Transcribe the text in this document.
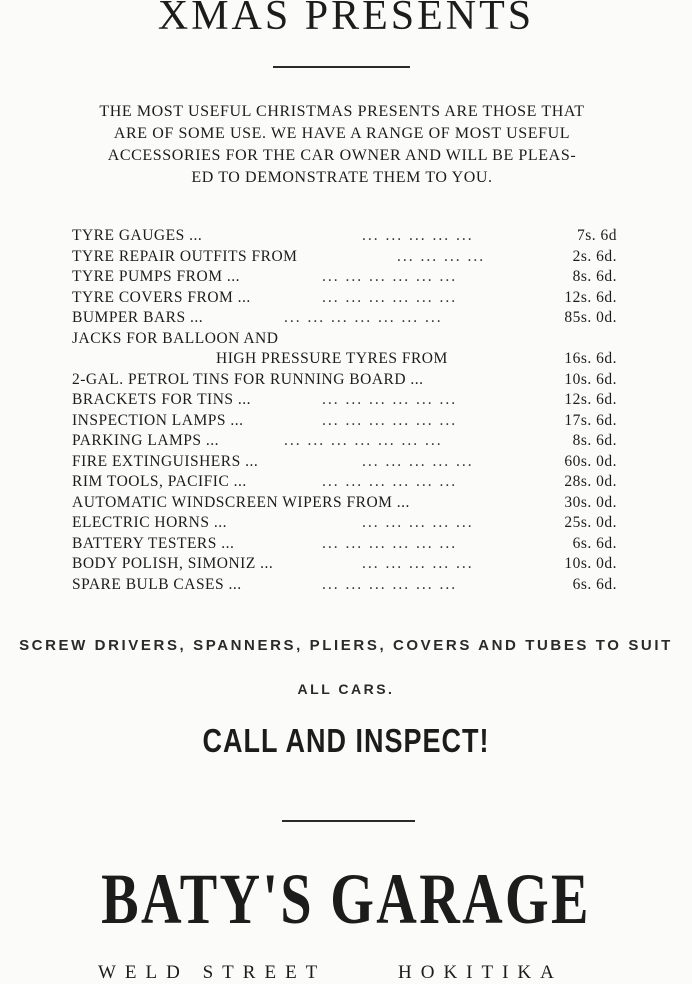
XMAS PRESENTS
THE MOST USEFUL CHRISTMAS PRESENTS ARE THOSE THAT
ARE OF SOME USE. WE HAVE A RANGE OF MOST USEFUL
ACCESSORIES FOR THE CAR OWNER AND WILL BE PLEAS-
ED TO DEMONSTRATE THEM TO YOU.
TYRE GAUGES ...	... ... ... ... ...	7s. 6d
TYRE REPAIR OUTFITS FROM	... ... ... ...	2s. 6d.
TYRE PUMPS FROM ...	... ... ... ... ... ...	8s. 6d.
TYRE COVERS FROM ...	... ... ... ... ... ...	12s. 6d.
BUMPER BARS ...	... ... ... ... ... ... ...	85s. 0d.
JACKS FOR BALLOON AND
HIGH PRESSURE TYRES FROM	16s. 6d.
2-GAL. PETROL TINS FOR RUNNING BOARD ...	10s. 6d.
BRACKETS FOR TINS ...	... ... ... ... ... ...	12s. 6d.
INSPECTION LAMPS ...	... ... ... ... ... ...	17s. 6d.
PARKING LAMPS ...	... ... ... ... ... ... ...	8s. 6d.
FIRE EXTINGUISHERS ...	... ... ... ... ...	60s. 0d.
RIM TOOLS, PACIFIC ...	... ... ... ... ... ...	28s. 0d.
AUTOMATIC WINDSCREEN WIPERS FROM ...	30s. 0d.
ELECTRIC HORNS ...	... ... ... ... ...	25s. 0d.
BATTERY TESTERS ...	... ... ... ... ... ...	6s. 6d.
BODY POLISH, SIMONIZ ...	... ... ... ... ...	10s. 0d.
SPARE BULB CASES ...	... ... ... ... ... ...	6s. 6d.
SCREW DRIVERS, SPANNERS, PLIERS, COVERS AND TUBES TO SUIT
ALL CARS.
CALL AND INSPECT!
BATY'S GARAGE
WELD STREET	HOKITIKA
